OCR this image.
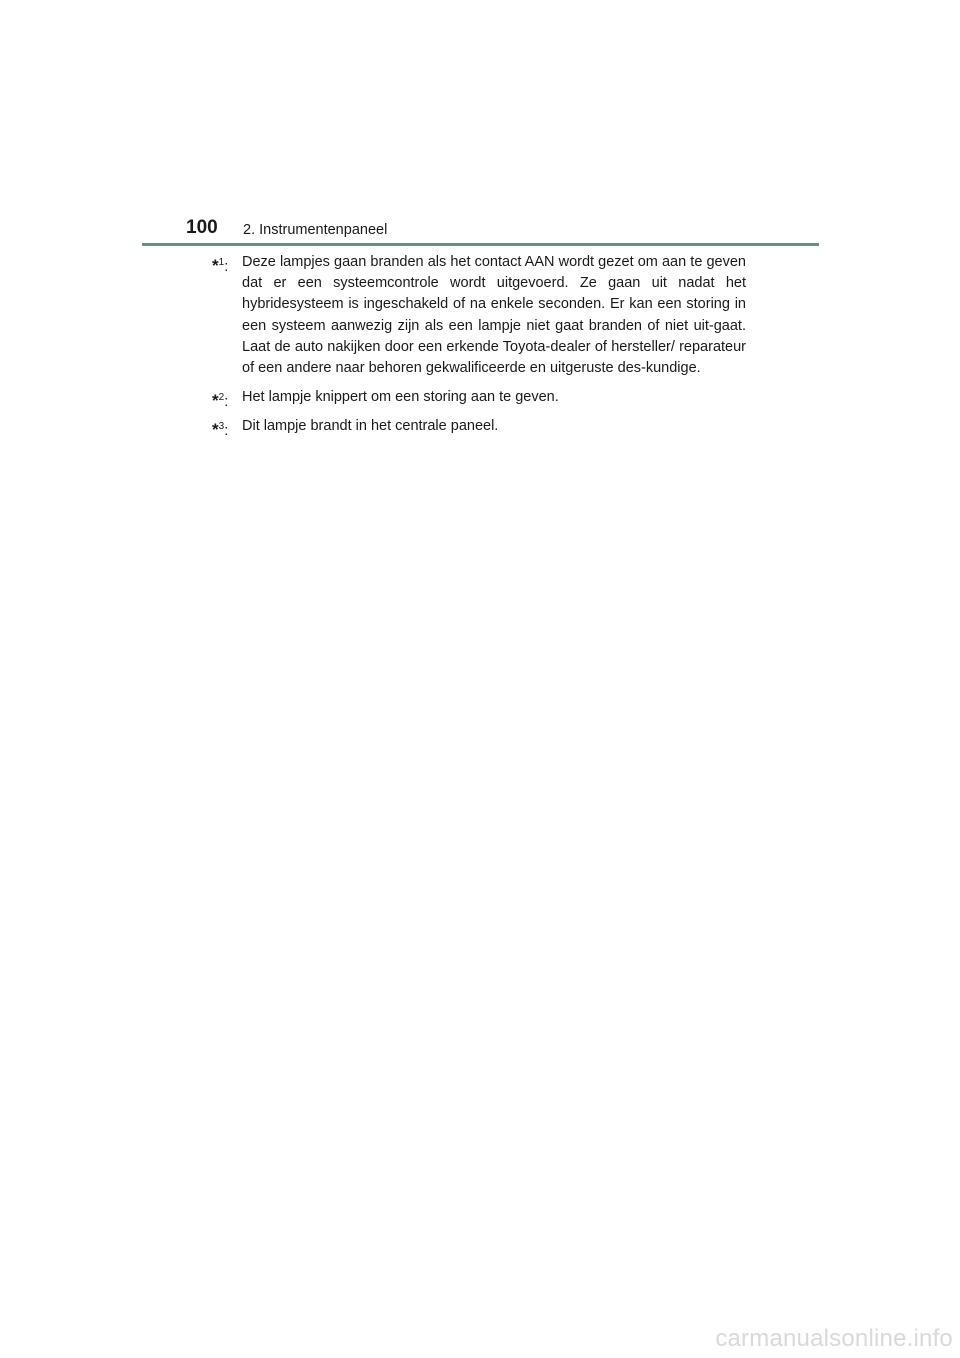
100 2. Instrumentenpaneel
*$^1$: Deze lampjes gaan branden als het contact AAN wordt gezet om aan te geven dat er een systeemcontrole wordt uitgevoerd. Ze gaan uit nadat het hybridesysteem is ingeschakeld of na enkele seconden. Er kan een storing in een systeem aanwezig zijn als een lampje niet gaat branden of niet uit-gaat. Laat de auto nakijken door een erkende Toyota-dealer of hersteller/ reparateur of een andere naar behoren gekwalificeerde en uitgeruste des-kundige.
*$^2$: Het lampje knippert om een storing aan te geven.
*$^3$: Dit lampje brandt in het centrale paneel.
carmanualsonline.info
